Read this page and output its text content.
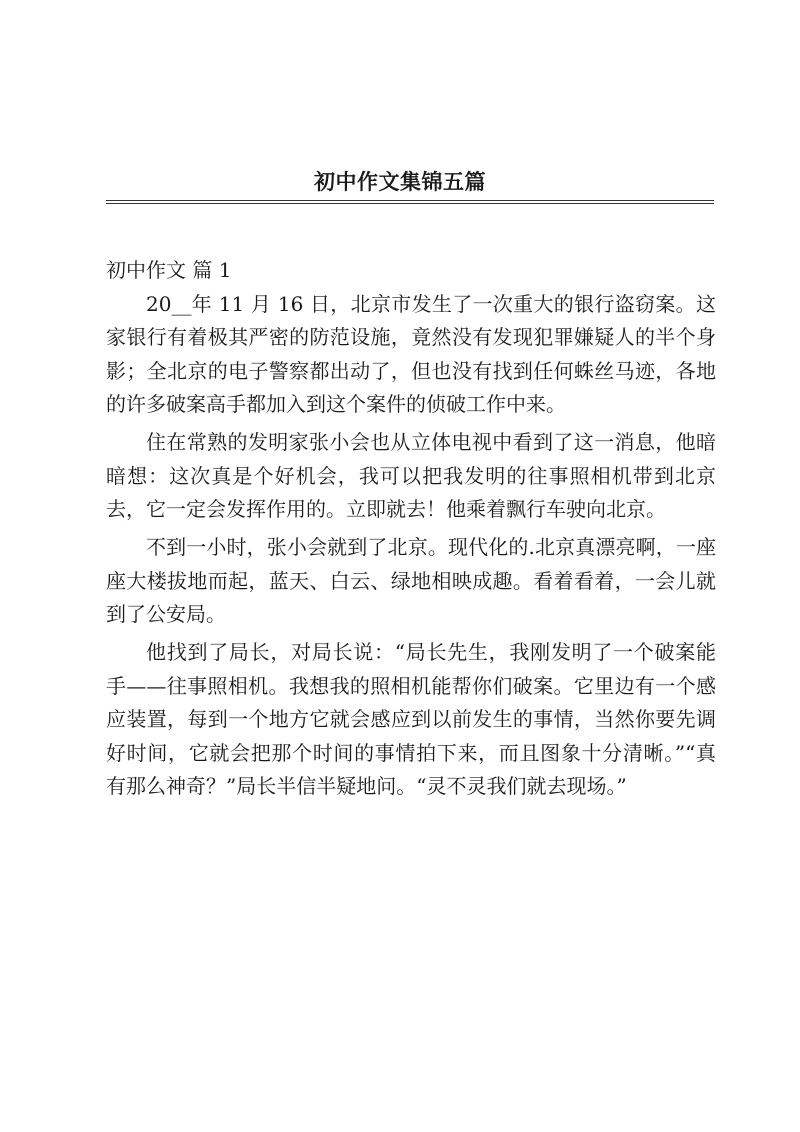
初中作文集锦五篇

初中作文 篇 1

20__年 11 月 16 日，北京市发生了一次重大的银行盗窃案。这家银行有着极其严密的防范设施，竟然没有发现犯罪嫌疑人的半个身影；全北京的电子警察都出动了，但也没有找到任何蛛丝马迹，各地的许多破案高手都加入到这个案件的侦破工作中来。

住在常熟的发明家张小会也从立体电视中看到了这一消息，他暗暗想：这次真是个好机会，我可以把我发明的往事照相机带到北京去，它一定会发挥作用的。立即就去！他乘着飘行车驶向北京。

不到一小时，张小会就到了北京。现代化的.北京真漂亮啊，一座座大楼拔地而起，蓝天、白云、绿地相映成趣。看着看着，一会儿就到了公安局。

他找到了局长，对局长说：“局长先生，我刚发明了一个破案能手——往事照相机。我想我的照相机能帮你们破案。它里边有一个感应装置，每到一个地方它就会感应到以前发生的事情，当然你要先调好时间，它就会把那个时间的事情拍下来，而且图象十分清晰。”“真有那么神奇？”局长半信半疑地问。“灵不灵我们就去现场。”
